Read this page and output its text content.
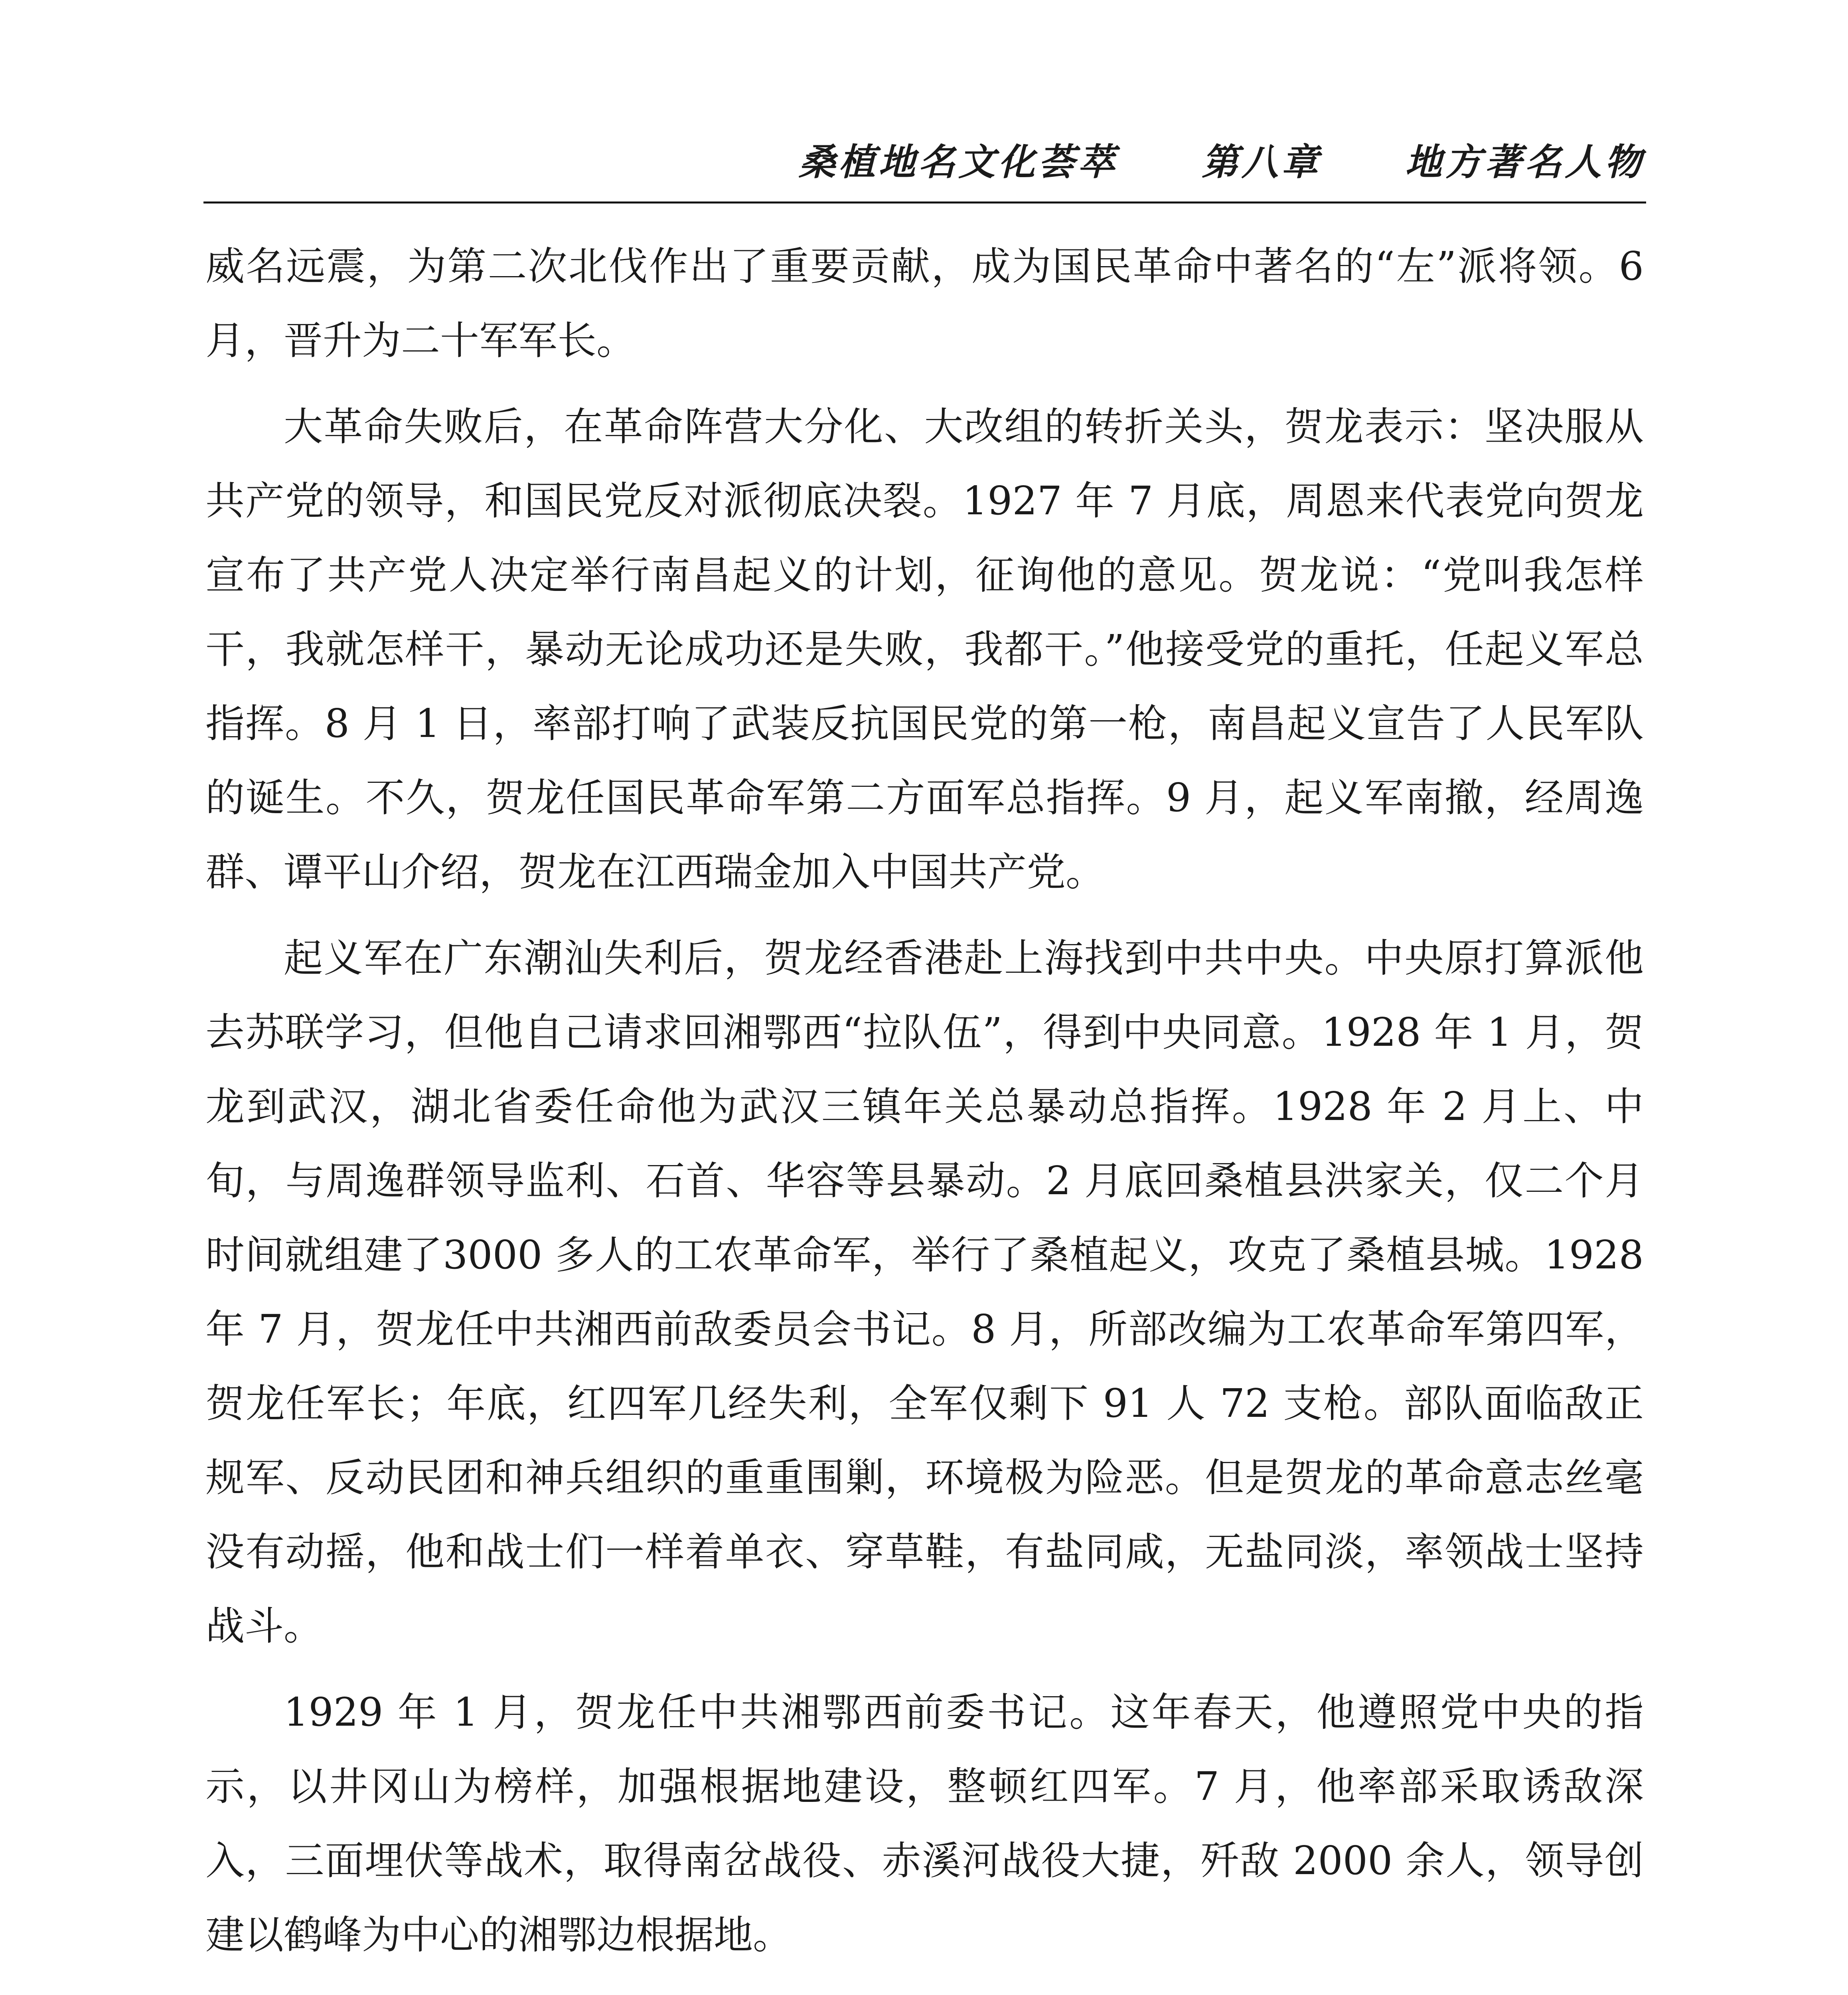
桑植地名文化荟萃 第八章 地方著名人物

威名远震，为第二次北伐作出了重要贡献，成为国民革命中著名的“左”派将领。6月，晋升为二十军军长。

大革命失败后，在革命阵营大分化、大改组的转折关头，贺龙表示：坚决服从共产党的领导，和国民党反对派彻底决裂。1927 年 7 月底，周恩来代表党向贺龙宣布了共产党人决定举行南昌起义的计划，征询他的意见。贺龙说：“党叫我怎样干，我就怎样干，暴动无论成功还是失败，我都干。”他接受党的重托，任起义军总指挥。8 月 1 日，率部打响了武装反抗国民党的第一枪，南昌起义宣告了人民军队的诞生。不久，贺龙任国民革命军第二方面军总指挥。9 月，起义军南撤，经周逸群、谭平山介绍，贺龙在江西瑞金加入中国共产党。

起义军在广东潮汕失利后，贺龙经香港赴上海找到中共中央。中央原打算派他去苏联学习，但他自己请求回湘鄂西“拉队伍”，得到中央同意。1928 年 1 月，贺龙到武汉，湖北省委任命他为武汉三镇年关总暴动总指挥。1928 年 2 月上、中旬，与周逸群领导监利、石首、华容等县暴动。2 月底回桑植县洪家关，仅二个月时间就组建了3000 多人的工农革命军，举行了桑植起义，攻克了桑植县城。1928 年 7 月，贺龙任中共湘西前敌委员会书记。8 月，所部改编为工农革命军第四军，贺龙任军长；年底，红四军几经失利，全军仅剩下 91 人 72 支枪。部队面临敌正规军、反动民团和神兵组织的重重围剿，环境极为险恶。但是贺龙的革命意志丝毫没有动摇，他和战士们一样着单衣、穿草鞋，有盐同咸，无盐同淡，率领战士坚持战斗。

1929 年 1 月，贺龙任中共湘鄂西前委书记。这年春天，他遵照党中央的指示，以井冈山为榜样，加强根据地建设，整顿红四军。7 月，他率部采取诱敌深入，三面埋伏等战术，取得南岔战役、赤溪河战役大捷，歼敌 2000 余人，领导创建以鹤峰为中心的湘鄂边根据地。
